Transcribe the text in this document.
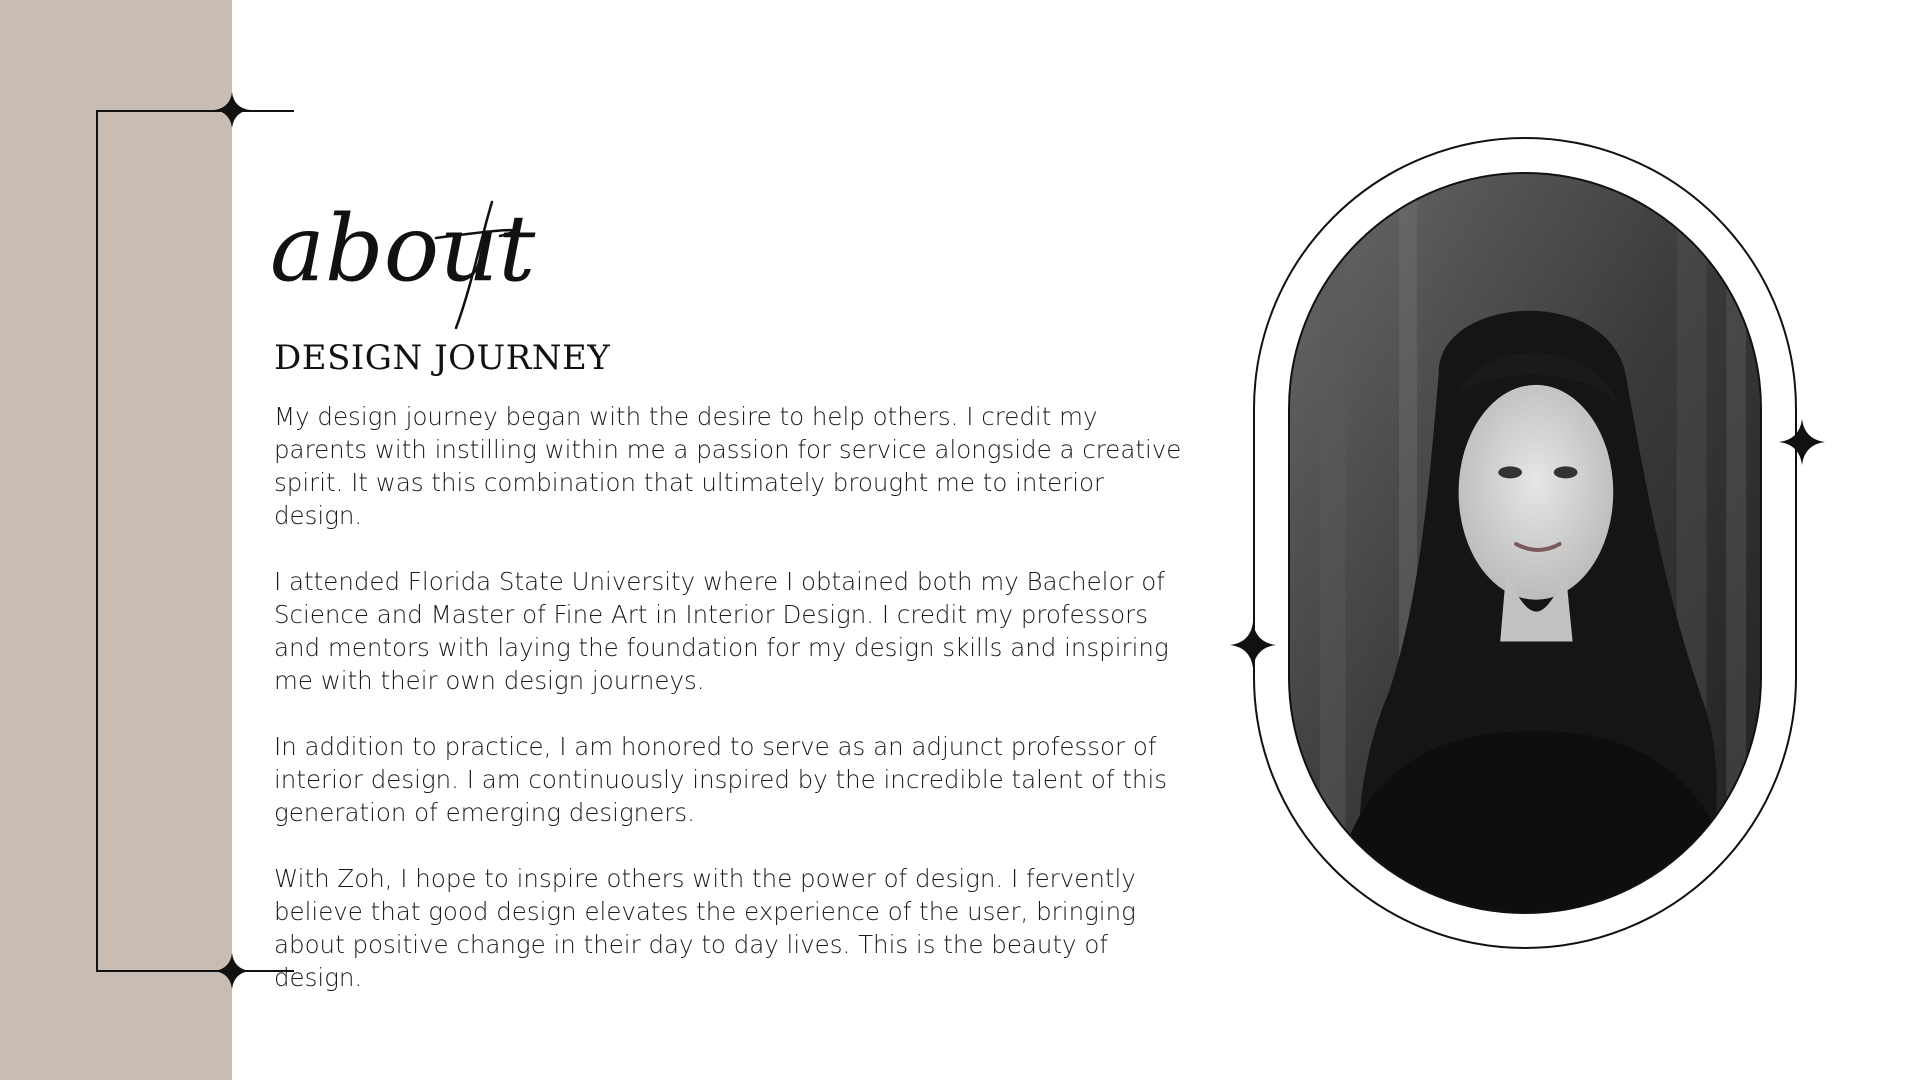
about
DESIGN JOURNEY

My design journey began with the desire to help others. I credit my parents with instilling within me a passion for service alongside a creative spirit. It was this combination that ultimately brought me to interior design.

I attended Florida State University where I obtained both my Bachelor of Science and Master of Fine Art in Interior Design. I credit my professors and mentors with laying the foundation for my design skills and inspiring me with their own design journeys.

In addition to practice, I am honored to serve as an adjunct professor of interior design. I am continuously inspired by the incredible talent of this generation of emerging designers.

With Zoh, I hope to inspire others with the power of design. I fervently believe that good design elevates the experience of the user, bringing about positive change in their day to day lives. This is the beauty of design.
